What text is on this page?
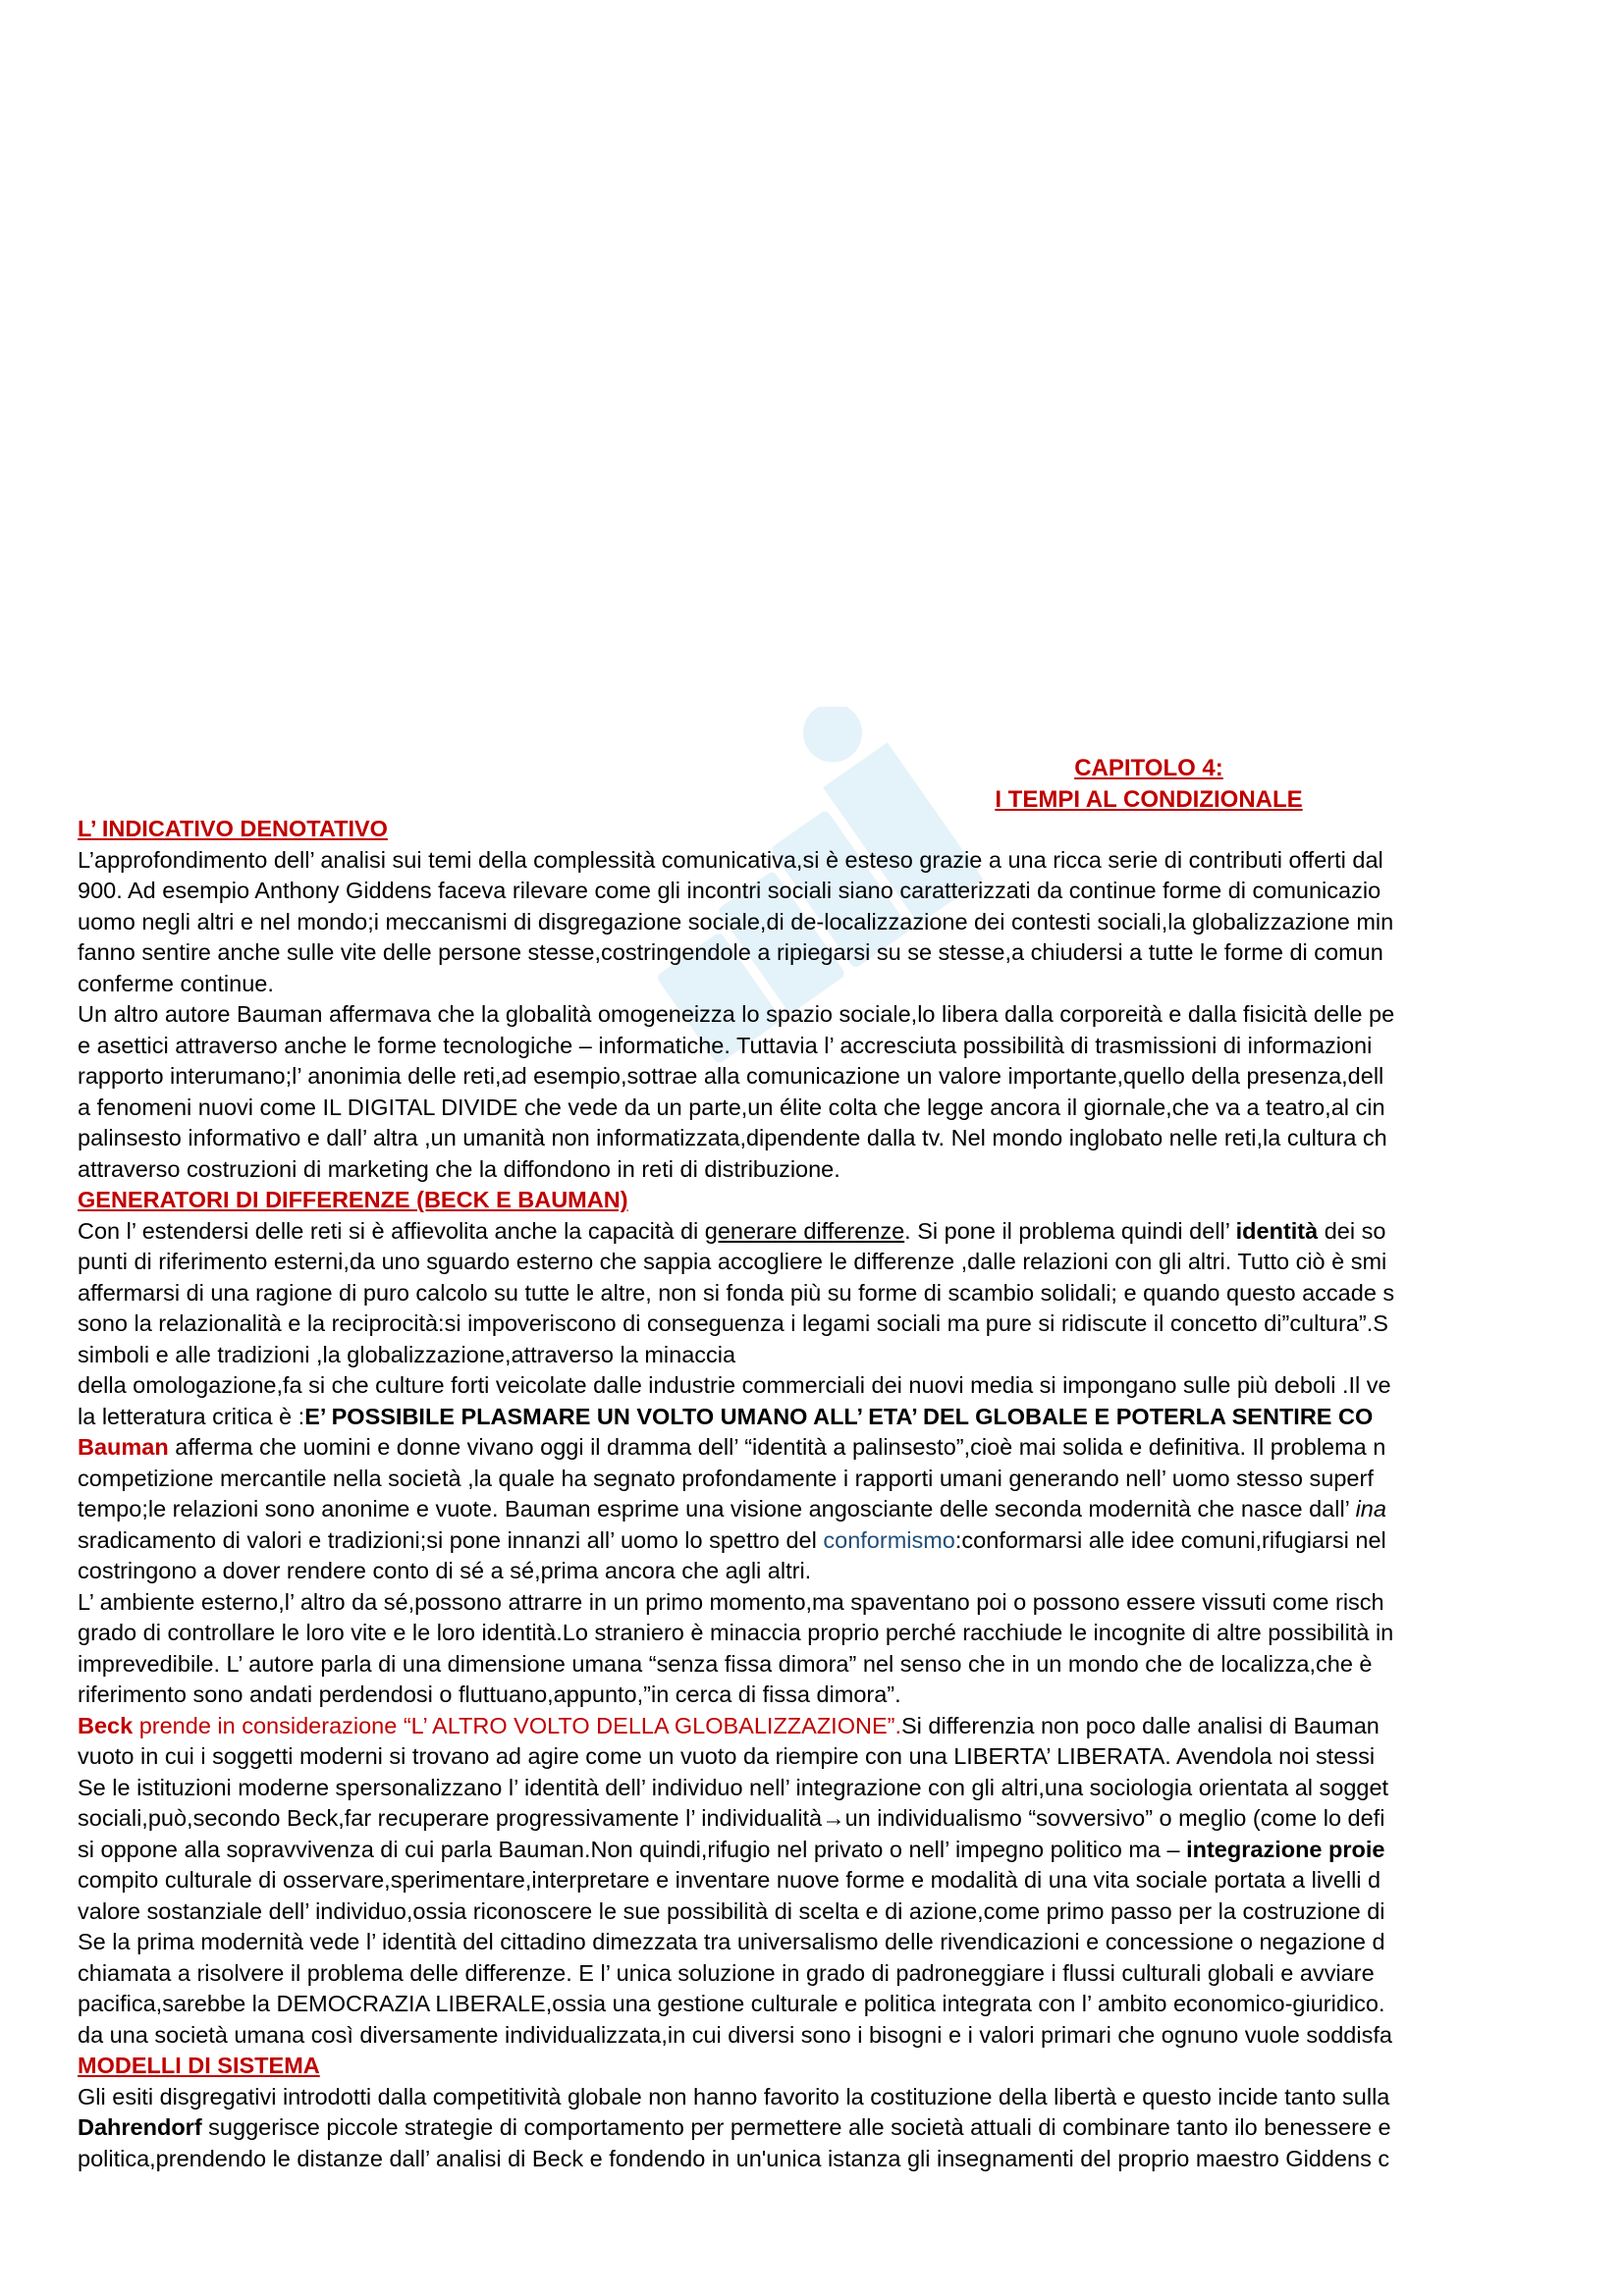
CAPITOLO 4:
I TEMPI AL CONDIZIONALE
L’ INDICATIVO DENOTATIVO
L’approfondimento dell’ analisi sui temi della complessità comunicativa,si è esteso grazie a una ricca serie di contributi offerti dal
900. Ad esempio Anthony Giddens faceva rilevare come gli incontri sociali siano caratterizzati da continue forme di comunicazio
uomo negli altri e nel mondo;i meccanismi di disgregazione sociale,di de-localizzazione dei contesti sociali,la globalizzazione min
fanno sentire anche sulle vite delle persone stesse,costringendole a ripiegarsi su se stesse,a chiudersi a tutte le forme di comun
conferme continue.
Un altro autore Bauman affermava che la globalità omogeneizza lo spazio sociale,lo libera dalla corporeità e dalla fisicità delle pe
e asettici attraverso anche le forme tecnologiche – informatiche. Tuttavia l’ accresciuta possibilità di trasmissioni di informazioni
rapporto interumano;l’ anonimia delle reti,ad esempio,sottrae alla comunicazione un valore importante,quello della presenza,dell
a fenomeni nuovi come IL DIGITAL DIVIDE che vede da un parte,un élite colta che legge ancora il giornale,che va a teatro,al cin
palinsesto informativo e dall’ altra ,un umanità non informatizzata,dipendente dalla tv. Nel mondo inglobato nelle reti,la cultura ch
attraverso costruzioni di marketing che la diffondono in reti di distribuzione.
GENERATORI DI DIFFERENZE (BECK E BAUMAN)
Con l’ estendersi delle reti si è affievolita anche la capacità di generare differenze. Si pone il problema quindi dell’ identità dei so
punti di riferimento esterni,da uno sguardo esterno che sappia accogliere le differenze ,dalle relazioni con gli altri. Tutto ciò è smi
affermarsi di una ragione di puro calcolo su tutte le altre, non si fonda più su forme di scambio solidali; e quando questo accade s
sono la relazionalità e la reciprocità:si impoveriscono di conseguenza i legami sociali ma pure si ridiscute il concetto di”cultura”.S
simboli e alle tradizioni ,la globalizzazione,attraverso la minaccia
della omologazione,fa si che culture forti veicolate dalle industrie commerciali dei nuovi media si impongano sulle più deboli .Il ve
la letteratura critica è :E’ POSSIBILE PLASMARE UN VOLTO UMANO ALL’ ETA’ DEL GLOBALE E POTERLA SENTIRE CO
Bauman afferma che uomini e donne vivano oggi il dramma dell’ “identità a palinsesto”,cioè mai solida e definitiva. Il problema n
competizione mercantile nella società ,la quale ha segnato profondamente i rapporti umani generando nell’ uomo stesso superf
tempo;le relazioni sono anonime e vuote. Bauman esprime una visione angosciante delle seconda modernità che nasce dall’ ina
sradicamento di valori e tradizioni;si pone innanzi all’ uomo lo spettro del conformismo:conformarsi alle idee comuni,rifugiarsi nel
costringono a dover rendere conto di sé a sé,prima ancora che agli altri.
L’ ambiente esterno,l’ altro da sé,possono attrarre in un primo momento,ma spaventano poi o possono essere vissuti come risch
grado di controllare le loro vite e le loro identità.Lo straniero è minaccia proprio perché racchiude le incognite di altre possibilità in
imprevedibile. L’ autore parla di una dimensione umana “senza fissa dimora” nel senso che in un mondo che de localizza,che è
riferimento sono andati perdendosi o fluttuano,appunto,”in cerca di fissa dimora”.
Beck prende in considerazione “L’ ALTRO VOLTO DELLA GLOBALIZZAZIONE”.Si differenzia non poco dalle analisi di Bauman
vuoto in cui i soggetti moderni si trovano ad agire come un vuoto da riempire con una LIBERTA’ LIBERATA. Avendola noi stessi
Se le istituzioni moderne spersonalizzano l’ identità dell’ individuo nell’ integrazione con gli altri,una sociologia orientata al sogget
sociali,può,secondo Beck,far recuperare progressivamente l’ individualità→un individualismo “sovversivo” o meglio (come lo defi
si oppone alla sopravvivenza di cui parla Bauman.Non quindi,rifugio nel privato o nell’ impegno politico ma – integrazione proie
compito culturale di osservare,sperimentare,interpretare e inventare nuove forme e modalità di una vita sociale portata a livelli d
valore sostanziale dell’ individuo,ossia riconoscere le sue possibilità di scelta e di azione,come primo passo per la costruzione di
Se la prima modernità vede l’ identità del cittadino dimezzata tra universalismo delle rivendicazioni e concessione o negazione d
chiamata a risolvere il problema delle differenze. E l’ unica soluzione in grado di padroneggiare i flussi culturali globali e avviare
pacifica,sarebbe la DEMOCRAZIA LIBERALE,ossia una gestione culturale e politica integrata con l’ ambito economico-giuridico.
da una società umana così diversamente individualizzata,in cui diversi sono i bisogni e i valori primari che ognuno vuole soddisfa
MODELLI DI SISTEMA
Gli esiti disgregativi introdotti dalla competitività globale non hanno favorito la costituzione della libertà e questo incide tanto sulla
Dahrendorf suggerisce piccole strategie di comportamento per permettere alle società attuali di combinare tanto ilo benessere e
politica,prendendo le distanze dall’ analisi di Beck e fondendo in un'unica istanza gli insegnamenti del proprio maestro Giddens c
